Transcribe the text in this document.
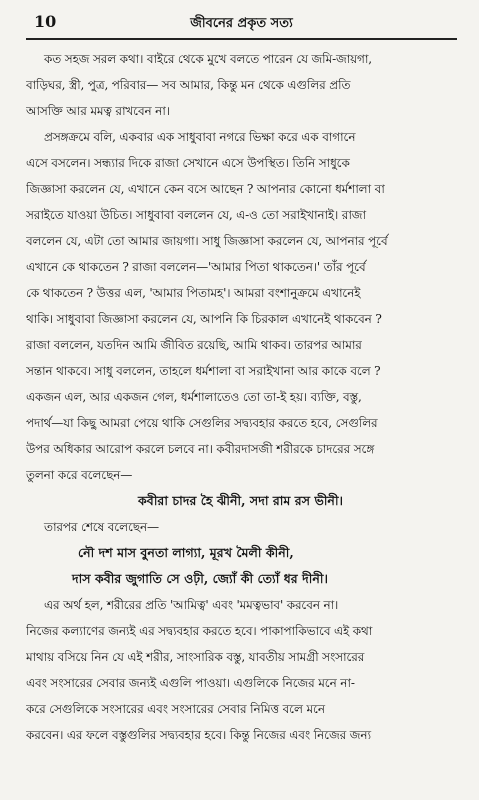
10	জীবনের প্রকৃত সত্য
কত সহজ সরল কথা। বাইরে থেকে মুখে বলতে পারেন যে জমি-জায়গা,
বাড়িঘর, স্ত্রী, পুত্র, পরিবার— সব আমার, কিন্তু মন থেকে এগুলির প্রতি
আসক্তি আর মমত্ব রাখবেন না।
প্রসঙ্গক্রমে বলি, একবার এক সাধুবাবা নগরে ভিক্ষা করে এক বাগানে
এসে বসলেন। সন্ধ্যার দিকে রাজা সেখানে এসে উপস্থিত। তিনি সাধুকে
জিজ্ঞাসা করলেন যে, এখানে কেন বসে আছেন ? আপনার কোনো ধর্মশালা বা
সরাইতে যাওয়া উচিত। সাধুবাবা বললেন যে, এ-ও তো সরাইখানাই। রাজা
বললেন যে, এটা তো আমার জায়গা। সাধু জিজ্ঞাসা করলেন যে, আপনার পূর্বে
এখানে কে থাকতেন ? রাজা বললেন—'আমার পিতা থাকতেন।' তাঁর পূর্বে
কে থাকতেন ? উত্তর এল, 'আমার পিতামহ'। আমরা বংশানুক্রমে এখানেই
থাকি। সাধুবাবা জিজ্ঞাসা করলেন যে, আপনি কি চিরকাল এখানেই থাকবেন ?
রাজা বললেন, যতদিন আমি জীবিত রয়েছি, আমি থাকব। তারপর আমার
সন্তান থাকবে। সাধু বললেন, তাহলে ধর্মশালা বা সরাইখানা আর কাকে বলে ?
একজন এল, আর একজন গেল, ধর্মশালাতেও তো তা-ই হয়। ব্যক্তি, বস্তু,
পদার্থ—যা কিছু আমরা পেয়ে থাকি সেগুলির সদ্ব্যবহার করতে হবে, সেগুলির
উপর অধিকার আরোপ করলে চলবে না। কবীরদাসজী শরীরকে চাদরের সঙ্গে
তুলনা করে বলেছেন—
কবীরা চাদর হৈ ঝীনী, সদা রাম রস ভীনী।
তারপর শেষে বলেছেন—
নৌ দশ মাস বুনতা লাগ্যা, মূরখ মৈলী কীনী,
দাস কবীর জুগাতি সে ওঢ়ী, জ্যোঁ কী ত্যোঁ ধর দীনী।
এর অর্থ হল, শরীরের প্রতি 'আমিত্ব' এবং 'মমত্বভাব' করবেন না।
নিজের কল্যাণের জন্যই এর সদ্ব্যবহার করতে হবে। পাকাপাকিভাবে এই কথা
মাথায় বসিয়ে নিন যে এই শরীর, সাংসারিক বস্তু, যাবতীয় সামগ্রী সংসারের
এবং সংসারের সেবার জন্যই এগুলি পাওয়া। এগুলিকে নিজের মনে না-
করে সেগুলিকে সংসারের এবং সংসারের সেবার নিমিত্ত বলে মনে
করবেন। এর ফলে বস্তুগুলির সদ্ব্যবহার হবে। কিন্তু নিজের এবং নিজের জন্য
